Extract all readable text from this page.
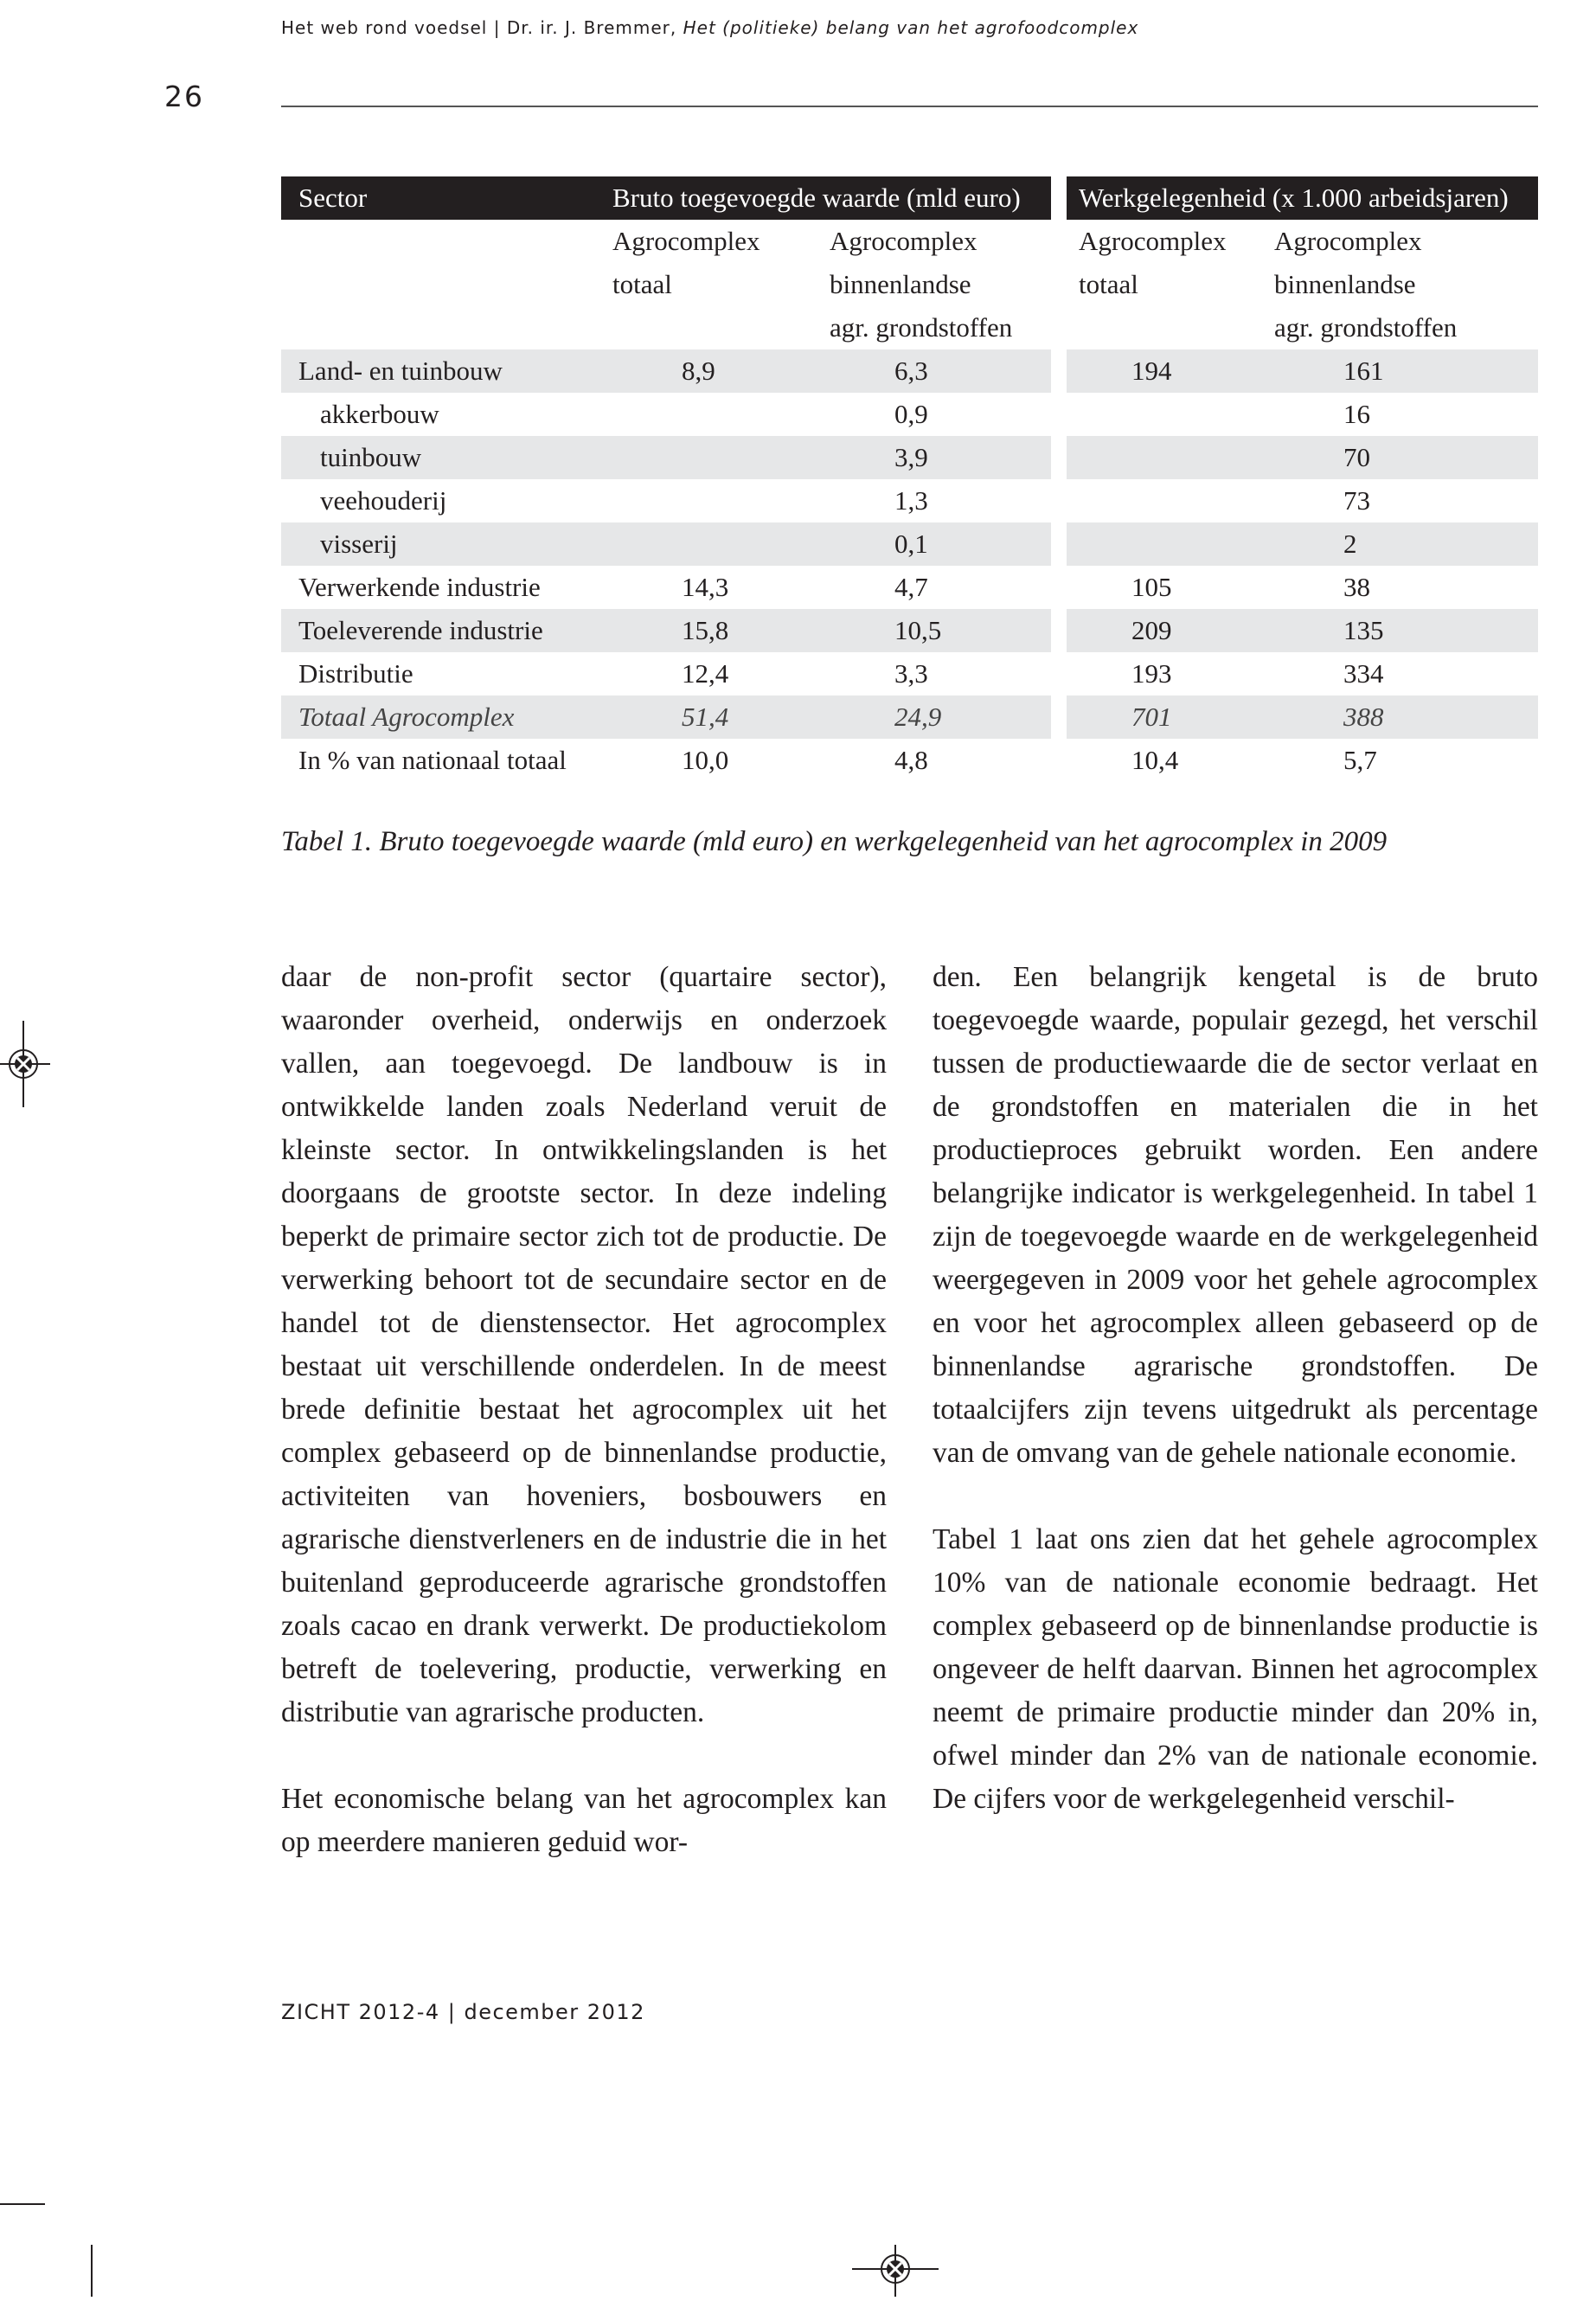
Het web rond voedsel | Dr. ir. J. Bremmer, Het (politieke) belang van het agrofoodcomplex
26
Sector	Bruto toegevoegde waarde (mld euro)			Werkgelegenheid (x 1.000 arbeidsjaren)	
	Agrocomplex	Agrocomplex		Agrocomplex	Agrocomplex
	totaal	binnenlandse		totaal	binnenlandse
		agr. grondstoffen			agr. grondstoffen
Land- en tuinbouw	8,9	6,3		194	161
akkerbouw		0,9			16
tuinbouw		3,9			70
veehouderij		1,3			73
visserij		0,1			2
Verwerkende industrie	14,3	4,7		105	38
Toeleverende industrie	15,8	10,5		209	135
Distributie	12,4	3,3		193	334
Totaal Agrocomplex	51,4	24,9		701	388
In % van nationaal totaal	10,0	4,8		10,4	5,7
Tabel 1. Bruto toegevoegde waarde (mld euro) en werkgelegenheid van het agrocomplex in 2009

daar de non-profit sector (quartaire sector), waaronder overheid, onderwijs en onderzoek vallen, aan toegevoegd. De landbouw is in ontwikkelde landen zoals Nederland veruit de kleinste sector. In ontwikkelingslanden is het doorgaans de grootste sector. In deze indeling beperkt de primaire sector zich tot de productie. De verwerking behoort tot de secundaire sector en de handel tot de dienstensector. Het agrocomplex bestaat uit verschillende onderdelen. In de meest brede definitie bestaat het agrocomplex uit het complex gebaseerd op de binnenlandse productie, activiteiten van hoveniers, bosbouwers en agrarische dienstverleners en de industrie die in het buitenland geproduceerde agrarische grondstoffen zoals cacao en drank verwerkt. De productiekolom betreft de toelevering, productie, verwerking en distributie van agrarische producten.

Het economische belang van het agrocomplex kan op meerdere manieren geduid wor-

den. Een belangrijk kengetal is de bruto toegevoegde waarde, populair gezegd, het verschil tussen de productiewaarde die de sector verlaat en de grondstoffen en materialen die in het productieproces gebruikt worden. Een andere belangrijke indicator is werkgelegenheid. In tabel 1 zijn de toegevoegde waarde en de werkgelegenheid weergegeven in 2009 voor het gehele agrocomplex en voor het agrocomplex alleen gebaseerd op de binnenlandse agrarische grondstoffen. De totaalcijfers zijn tevens uitgedrukt als percentage van de omvang van de gehele nationale economie.

Tabel 1 laat ons zien dat het gehele agrocomplex 10% van de nationale economie bedraagt. Het complex gebaseerd op de binnenlandse productie is ongeveer de helft daarvan. Binnen het agrocomplex neemt de primaire productie minder dan 20% in, ofwel minder dan 2% van de nationale economie. De cijfers voor de werkgelegenheid verschil-

ZICHT 2012-4 | december 2012
